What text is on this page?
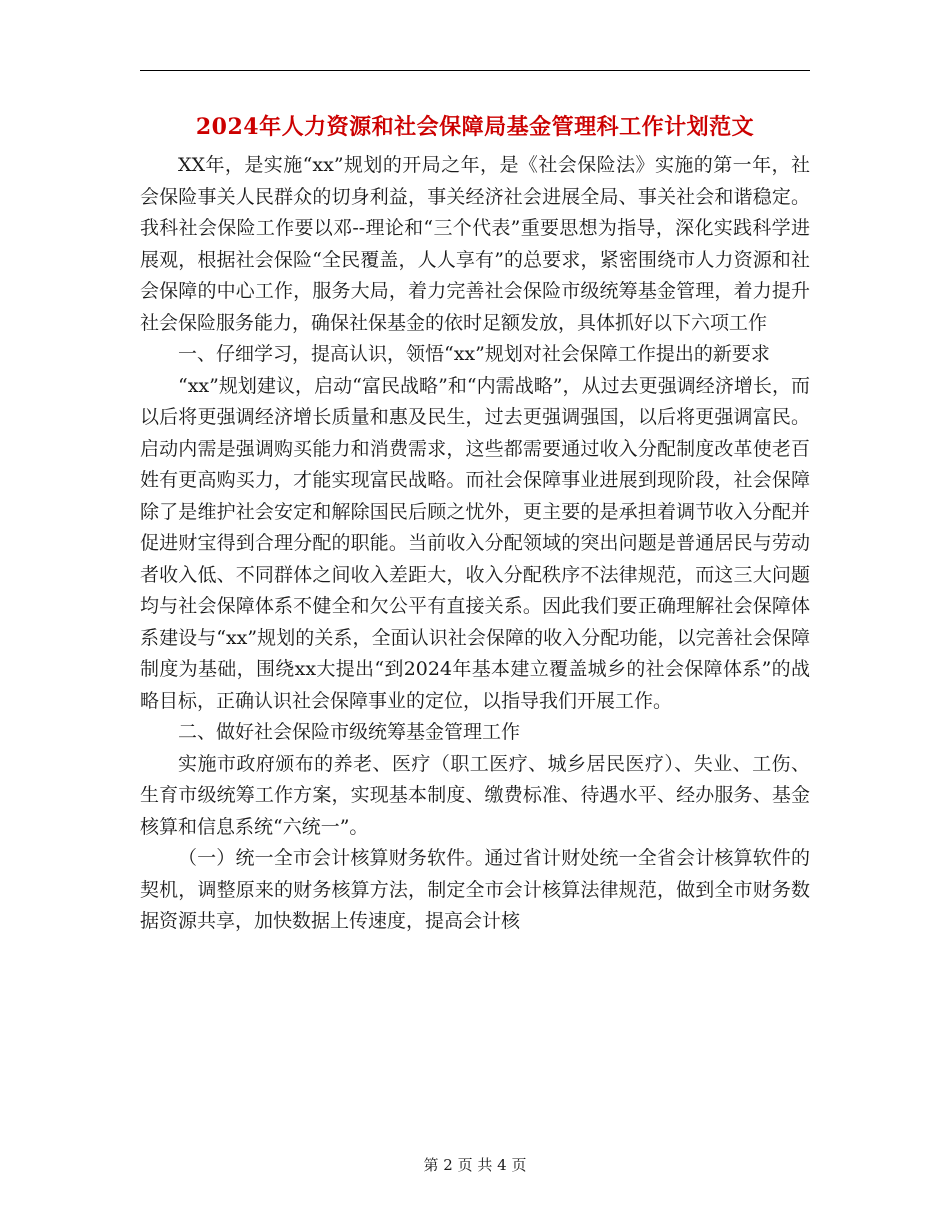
2024年人力资源和社会保障局基金管理科工作计划范文

XX年，是实施“xx”规划的开局之年，是《社会保险法》实施的第一年，社会保险事关人民群众的切身利益，事关经济社会进展全局、事关社会和谐稳定。我科社会保险工作要以邓--理论和“三个代表”重要思想为指导，深化实践科学进展观，根据社会保险“全民覆盖，人人享有”的总要求，紧密围绕市人力资源和社会保障的中心工作，服务大局，着力完善社会保险市级统筹基金管理，着力提升社会保险服务能力，确保社保基金的依时足额发放，具体抓好以下六项工作

一、仔细学习，提高认识，领悟“xx”规划对社会保障工作提出的新要求

“xx”规划建议，启动“富民战略”和“内需战略”，从过去更强调经济增长，而以后将更强调经济增长质量和惠及民生，过去更强调强国，以后将更强调富民。启动内需是强调购买能力和消费需求，这些都需要通过收入分配制度改革使老百姓有更高购买力，才能实现富民战略。而社会保障事业进展到现阶段，社会保障除了是维护社会安定和解除国民后顾之忧外，更主要的是承担着调节收入分配并促进财宝得到合理分配的职能。当前收入分配领域的突出问题是普通居民与劳动者收入低、不同群体之间收入差距大，收入分配秩序不法律规范，而这三大问题均与社会保障体系不健全和欠公平有直接关系。因此我们要正确理解社会保障体系建设与“xx”规划的关系，全面认识社会保障的收入分配功能，以完善社会保障制度为基础，围绕xx大提出“到2024年基本建立覆盖城乡的社会保障体系”的战略目标，正确认识社会保障事业的定位，以指导我们开展工作。

二、做好社会保险市级统筹基金管理工作

实施市政府颁布的养老、医疗（职工医疗、城乡居民医疗）、失业、工伤、生育市级统筹工作方案，实现基本制度、缴费标准、待遇水平、经办服务、基金核算和信息系统“六统一”。

（一）统一全市会计核算财务软件。通过省计财处统一全省会计核算软件的契机，调整原来的财务核算方法，制定全市会计核算法律规范，做到全市财务数据资源共享，加快数据上传速度，提高会计核

第 2 页 共 4 页
